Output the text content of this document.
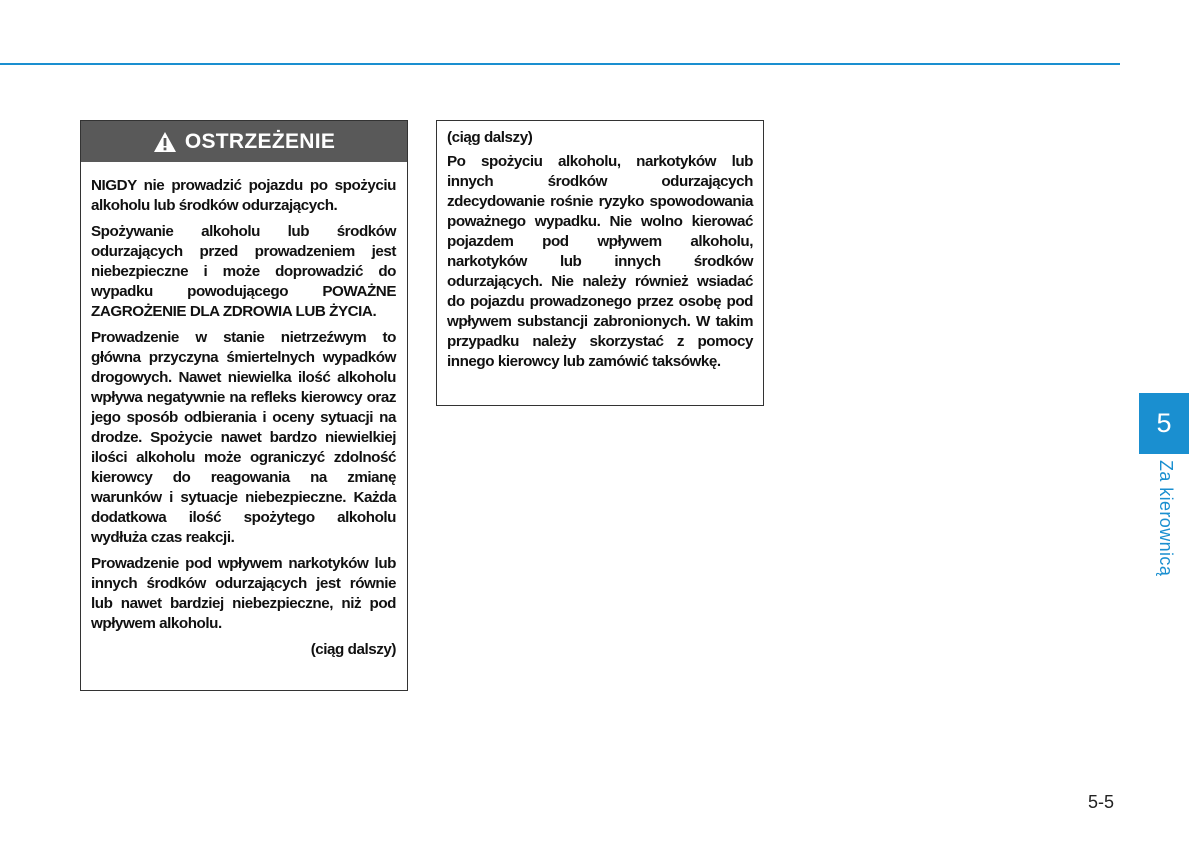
OSTRZEŻENIE

NIGDY nie prowadzić pojazdu po spożyciu alkoholu lub środków odurzających.

Spożywanie alkoholu lub środków odurzających przed prowadzeniem jest niebezpieczne i może doprowadzić do wypadku powodującego POWAŻNE ZAGROŻENIE DLA ZDROWIA LUB ŻYCIA.

Prowadzenie w stanie nietrzeźwym to główna przyczyna śmiertelnych wypadków drogowych. Nawet niewielka ilość alkoholu wpływa negatywnie na refleks kierowcy oraz jego sposób odbierania i oceny sytuacji na drodze. Spożycie nawet bardzo niewielkiej ilości alkoholu może ograniczyć zdolność kierowcy do reagowania na zmianę warunków i sytuacje niebezpieczne. Każda dodatkowa ilość spożytego alkoholu wydłuża czas reakcji.

Prowadzenie pod wpływem narkotyków lub innych środków odurzających jest równie lub nawet bardziej niebezpieczne, niż pod wpływem alkoholu.

(ciąg dalszy)

(ciąg dalszy)

Po spożyciu alkoholu, narkotyków lub innych środków odurzających zdecydowanie rośnie ryzyko spowodowania poważnego wypadku. Nie wolno kierować pojazdem pod wpływem alkoholu, narkotyków lub innych środków odurzających. Nie należy również wsiadać do pojazdu prowadzonego przez osobę pod wpływem substancji zabronionych. W takim przypadku należy skorzystać z pomocy innego kierowcy lub zamówić taksówkę.

5
Za kierownicą
5-5
